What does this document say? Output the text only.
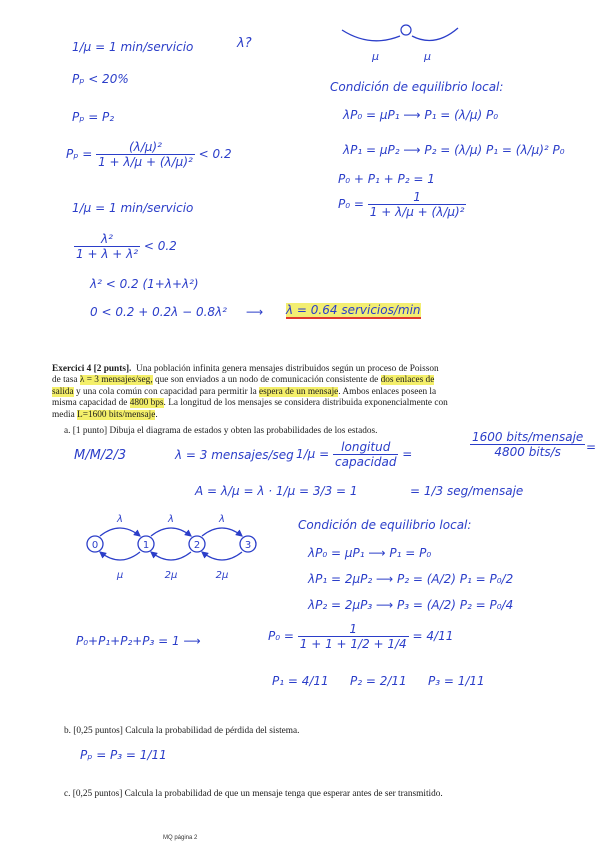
1/μ = 1 min/servicio	λ?
Pₚ < 20%
Pₚ = P₂
$P_p = \frac{\text{(λ/μ)²}}{\text{1 + λ/μ + (λ/μ)²}} < 0.2$
1/μ = 1 min/servicio
$\frac{\text{λ²}}{\text{1 + λ + λ²}} < 0.2$
λ² < 0.2 (1+λ+λ²)
0 < 0.2 + 0.2λ − 0.8λ² ⟶ λ = 0.64 servicios/min
μ	μ
Condición de equilibrio local:
λP₀ = μP₁ ⟶ P₁ = (λ/μ) P₀
λP₁ = μP₂ ⟶ P₂ = (λ/μ) P₁ = (λ/μ)² P₀
P₀ + P₁ + P₂ = 1
$P_0 = \frac{1}{\text{1 + λ/μ + (λ/μ)²}}$
Exercici 4 [2 punts]. Una población infinita genera mensajes distribuidos según un proceso de Poisson
de tasa λ = 3 mensajes/seg, que son enviados a un nodo de comunicación consistente de dos enlaces de
salida y una cola común con capacidad para permitir la espera de un mensaje. Ambos enlaces poseen la
misma capacidad de 4800 bps. La longitud de los mensajes se considera distribuida exponencialmente con
media L=1600 bits/mensaje.
a. [1 punto] Dibuja el diagrama de estados y obten las probabilidades de los estados.
M/M/2/3	λ = 3 mensajes/seg $1/\mu = \frac{\text{longitud}}{\text{capacidad}}$ =	$\frac{\text{1600 bits/mensaje}}{\text{4800 bits/s}}$ =
A = λ/μ = λ · 1/μ = 3/3 = 1	= 1/3 seg/mensaje
0	1	2	3
λ	λ	λ
μ	2μ	2μ
Condición de equilibrio local:
λP₀ = μP₁ ⟶ P₁ = P₀
λP₁ = 2μP₂ ⟶ P₂ = (A/2) P₁ = P₀/2
λP₂ = 2μP₃ ⟶ P₃ = (A/2) P₂ = P₀/4
P₀+P₁+P₂+P₃ = 1 ⟶	$P_0 = \frac{1}{1 + 1 + 1/2 + 1/4} = 4/11$
P₁ = 4/11 P₂ = 2/11 P₃ = 1/11
b. [0,25 puntos] Calcula la probabilidad de pérdida del sistema.
Pₚ = P₃ = 1/11
c. [0,25 puntos] Calcula la probabilidad de que un mensaje tenga que esperar antes de ser transmitido.
MQ página 2
